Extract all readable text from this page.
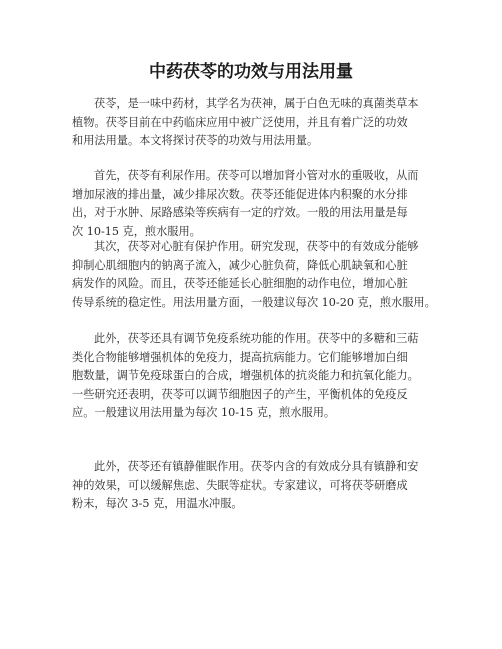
中药茯苓的功效与用法用量
茯苓，是一味中药材，其学名为茯神，属于白色无味的真菌类草本
植物。茯苓目前在中药临床应用中被广泛使用，并且有着广泛的功效
和用法用量。本文将探讨茯苓的功效与用法用量。
首先，茯苓有利尿作用。茯苓可以增加肾小管对水的重吸收，从而
增加尿液的排出量，减少排尿次数。茯苓还能促进体内积聚的水分排
出，对于水肿、尿路感染等疾病有一定的疗效。一般的用法用量是每
次 10-15 克，煎水服用。
其次，茯苓对心脏有保护作用。研究发现，茯苓中的有效成分能够
抑制心肌细胞内的钠离子流入，减少心脏负荷，降低心肌缺氧和心脏
病发作的风险。而且，茯苓还能延长心脏细胞的动作电位，增加心脏
传导系统的稳定性。用法用量方面，一般建议每次 10-20 克，煎水服用。
此外，茯苓还具有调节免疫系统功能的作用。茯苓中的多糖和三萜
类化合物能够增强机体的免疫力，提高抗病能力。它们能够增加白细
胞数量，调节免疫球蛋白的合成，增强机体的抗炎能力和抗氧化能力。
一些研究还表明，茯苓可以调节细胞因子的产生，平衡机体的免疫反
应。一般建议用法用量为每次 10-15 克，煎水服用。
此外，茯苓还有镇静催眠作用。茯苓内含的有效成分具有镇静和安
神的效果，可以缓解焦虑、失眠等症状。专家建议，可将茯苓研磨成
粉末，每次 3-5 克，用温水冲服。
